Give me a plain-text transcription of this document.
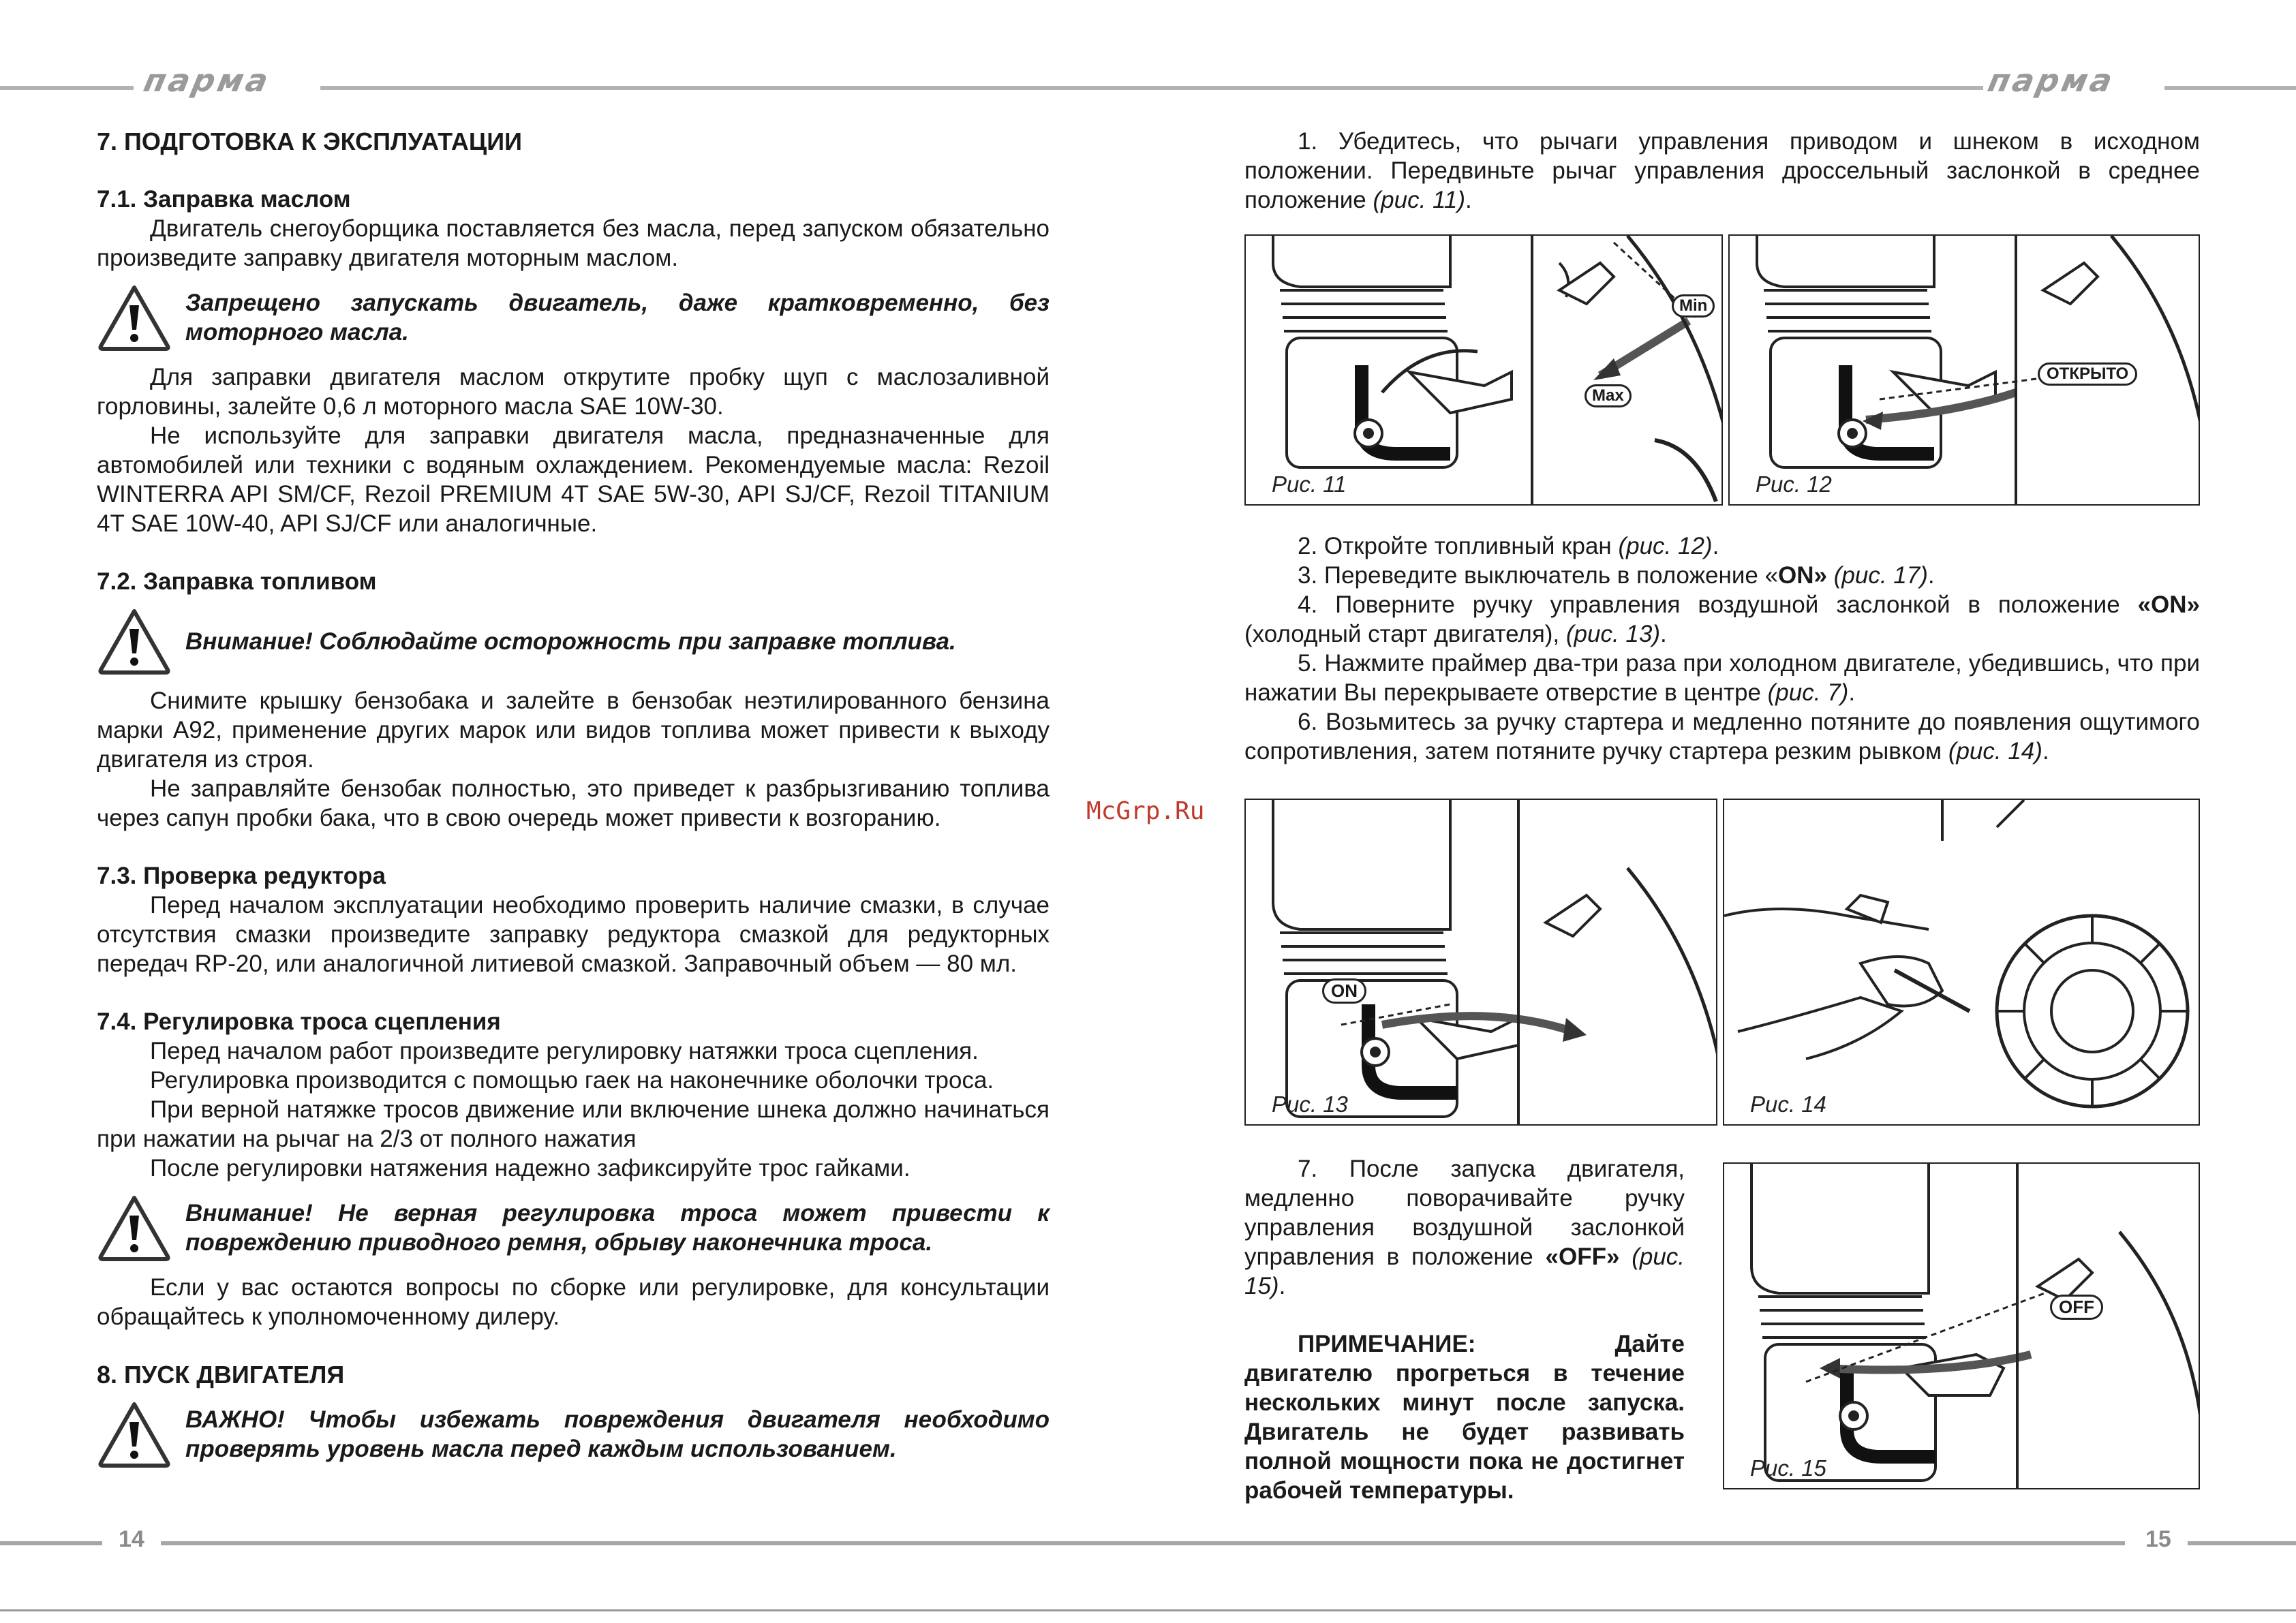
парма	парма
7. ПОДГОТОВКА К ЭКСПЛУАТАЦИИ
7.1. Заправка маслом

Двигатель снегоуборщика поставляется без масла, перед запуском обязательно произведите заправку двигателя моторным маслом.

Запрещено запускать двигатель, даже кратковременно, без моторного масла.

Для заправки двигателя маслом открутите пробку щуп с маслозаливной горловины, залейте 0,6 л моторного масла SAE 10W-30.

Не используйте для заправки двигателя масла, предназначенные для автомобилей или техники с водяным охлаждением. Рекомендуемые масла: Rezoil WINTERRA API SM/CF, Rezoil PREMIUM 4T SAE 5W-30, API SJ/CF, Rezoil TITANIUM 4T SAE 10W-40, API SJ/CF или аналогичные.

7.2. Заправка топливом
Внимание! Соблюдайте осторожность при заправке топлива.

Снимите крышку бензобака и залейте в бензобак неэтилированного бензина марки А92, применение других марок или видов топлива может привести к выходу двигателя из строя.

Не заправляйте бензобак полностью, это приведет к разбрызгиванию топлива через сапун пробки бака, что в свою очередь может привести к возгоранию.

7.3. Проверка редуктора

Перед началом эксплуатации необходимо проверить наличие смазки, в случае отсутствия смазки произведите заправку редуктора смазкой для редукторных передач RP-20, или аналогичной литиевой смазкой. Заправочный объем — 80 мл.

7.4. Регулировка троса сцепления

Перед началом работ произведите регулировку натяжки троса сцепления.

Регулировка производится с помощью гаек на наконечнике оболочки троса.

При верной натяжке тросов движение или включение шнека должно начинаться при нажатии на рычаг на 2/3 от полного нажатия

После регулировки натяжения надежно зафиксируйте трос гайками.

Внимание! Не верная регулировка троса может привести к повреждению приводного ремня, обрыву наконечника троса.

Если у вас остаются вопросы по сборке или регулировке, для консультации обращайтесь к уполномоченному дилеру.

8. ПУСК ДВИГАТЕЛЯ
ВАЖНО! Чтобы избежать повреждения двигателя необходимо проверять уровень масла перед каждым использованием.
McGrp.Ru

1. Убедитесь, что рычаги управления приводом и шнеком в исходном положении. Передвиньте рычаг управления дроссельный заслонкой в среднее положение (рис. 11).

Min
Max
Рис. 11
ОТКРЫТО
Рис. 12

2. Откройте топливный кран (рис. 12).

3. Переведите выключатель в положение «ON» (рис. 17).

4. Поверните ручку управления воздушной заслонкой в положение «ON» (холодный старт двигателя), (рис. 13).

5. Нажмите праймер два-три раза при холодном двигателе, убедившись, что при нажатии Вы перекрываете отверстие в центре (рис. 7).

6. Возьмитесь за ручку стартера и медленно потяните до появления ощутимого сопротивления, затем потяните ручку стартера резким рывком (рис. 14).

ON
Рис. 13	Рис. 14

7. После запуска двигателя, медленно поворачивайте ручку управления воздушной заслонкой управления в положение «OFF» (рис. 15).

ПРИМЕЧАНИЕ: Дайте двигателю прогреться в течение нескольких минут после запуска. Двигатель не будет развивать полной мощности пока не достигнет рабочей температуры.

OFF
Рис. 15
14	15
